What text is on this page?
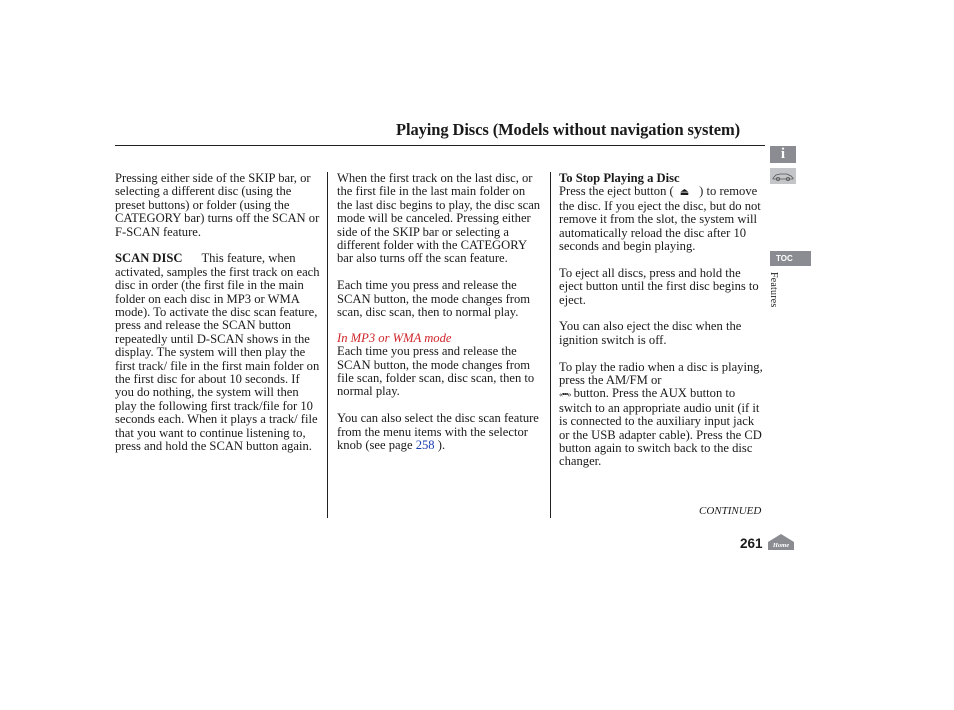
Playing Discs (Models without navigation system)

Pressing either side of the SKIP bar, or selecting a different disc (using the preset buttons) or folder (using the CATEGORY bar) turns off the SCAN or F-SCAN feature.

SCAN DISC This feature, when activated, samples the first track on each disc in order (the first file in the main folder on each disc in MP3 or WMA mode). To activate the disc scan feature, press and release the SCAN button repeatedly until D-SCAN shows in the display. The system will then play the first track/ file in the first main folder on the first disc for about 10 seconds. If you do nothing, the system will then play the following first track/file for 10 seconds each. When it plays a track/ file that you want to continue listening to, press and hold the SCAN button again.

When the first track on the last disc, or the first file in the last main folder on the last disc begins to play, the disc scan mode will be canceled. Pressing either side of the SKIP bar or selecting a different folder with the CATEGORY bar also turns off the scan feature.

Each time you press and release the SCAN button, the mode changes from scan, disc scan, then to normal play.

In MP3 or WMA mode

Each time you press and release the SCAN button, the mode changes from file scan, folder scan, disc scan, then to normal play.

You can also select the disc scan feature from the menu items with the selector knob (see page 258 ).

To Stop Playing a Disc

Press the eject button ( ⏏ ) to remove the disc. If you eject the disc, but do not remove it from the slot, the system will automatically reload the disc after 10 seconds and begin playing.

To eject all discs, press and hold the eject button until the first disc begins to eject.

You can also eject the disc when the ignition switch is off.

To play the radio when a disc is playing, press the AM/FM or
«•••» button. Press the AUX button to switch to an appropriate audio unit (if it is connected to the auxiliary input jack or the USB adapter cable). Press the CD button again to switch back to the disc changer.

CONTINUED
261
i
TOC
Features
Home
